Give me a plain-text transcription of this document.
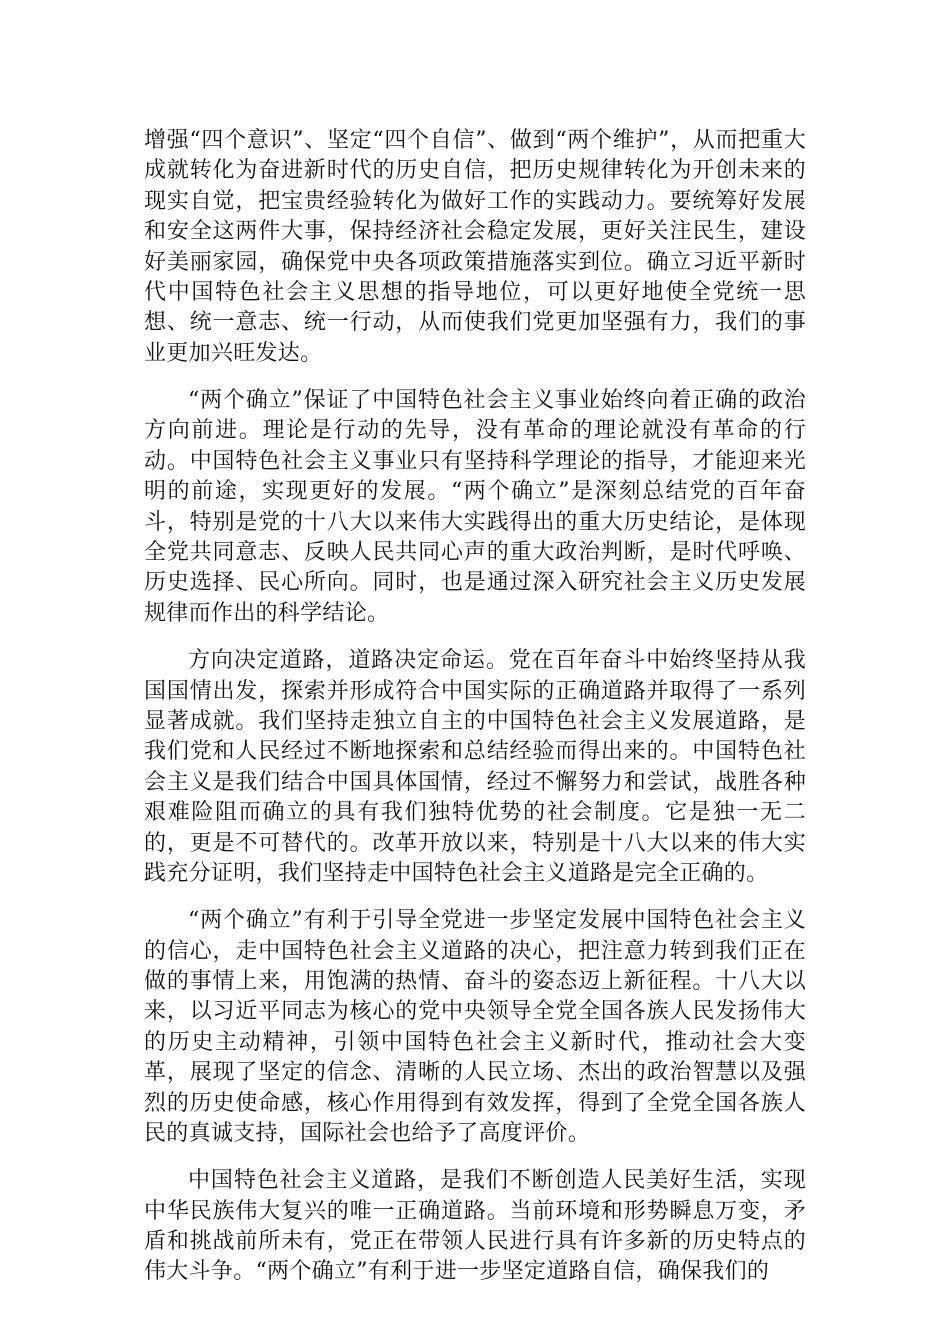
增强“四个意识”、坚定“四个自信”、做到“两个维护”，从而把重大成就转化为奋进新时代的历史自信，把历史规律转化为开创未来的现实自觉，把宝贵经验转化为做好工作的实践动力。要统筹好发展和安全这两件大事，保持经济社会稳定发展，更好关注民生，建设好美丽家园，确保党中央各项政策措施落实到位。确立习近平新时代中国特色社会主义思想的指导地位，可以更好地使全党统一思想、统一意志、统一行动，从而使我们党更加坚强有力，我们的事业更加兴旺发达。

“两个确立”保证了中国特色社会主义事业始终向着正确的政治方向前进。理论是行动的先导，没有革命的理论就没有革命的行动。中国特色社会主义事业只有坚持科学理论的指导，才能迎来光明的前途，实现更好的发展。“两个确立”是深刻总结党的百年奋斗，特别是党的十八大以来伟大实践得出的重大历史结论，是体现全党共同意志、反映人民共同心声的重大政治判断，是时代呼唤、历史选择、民心所向。同时，也是通过深入研究社会主义历史发展规律而作出的科学结论。

方向决定道路，道路决定命运。党在百年奋斗中始终坚持从我国国情出发，探索并形成符合中国实际的正确道路并取得了一系列显著成就。我们坚持走独立自主的中国特色社会主义发展道路，是我们党和人民经过不断地探索和总结经验而得出来的。中国特色社会主义是我们结合中国具体国情，经过不懈努力和尝试，战胜各种艰难险阻而确立的具有我们独特优势的社会制度。它是独一无二的，更是不可替代的。改革开放以来，特别是十八大以来的伟大实践充分证明，我们坚持走中国特色社会主义道路是完全正确的。

“两个确立”有利于引导全党进一步坚定发展中国特色社会主义的信心，走中国特色社会主义道路的决心，把注意力转到我们正在做的事情上来，用饱满的热情、奋斗的姿态迈上新征程。十八大以来，以习近平同志为核心的党中央领导全党全国各族人民发扬伟大的历史主动精神，引领中国特色社会主义新时代，推动社会大变革，展现了坚定的信念、清晰的人民立场、杰出的政治智慧以及强烈的历史使命感，核心作用得到有效发挥，得到了全党全国各族人民的真诚支持，国际社会也给予了高度评价。

中国特色社会主义道路，是我们不断创造人民美好生活，实现中华民族伟大复兴的唯一正确道路。当前环境和形势瞬息万变，矛盾和挑战前所未有，党正在带领人民进行具有许多新的历史特点的伟大斗争。“两个确立”有利于进一步坚定道路自信，确保我们的
